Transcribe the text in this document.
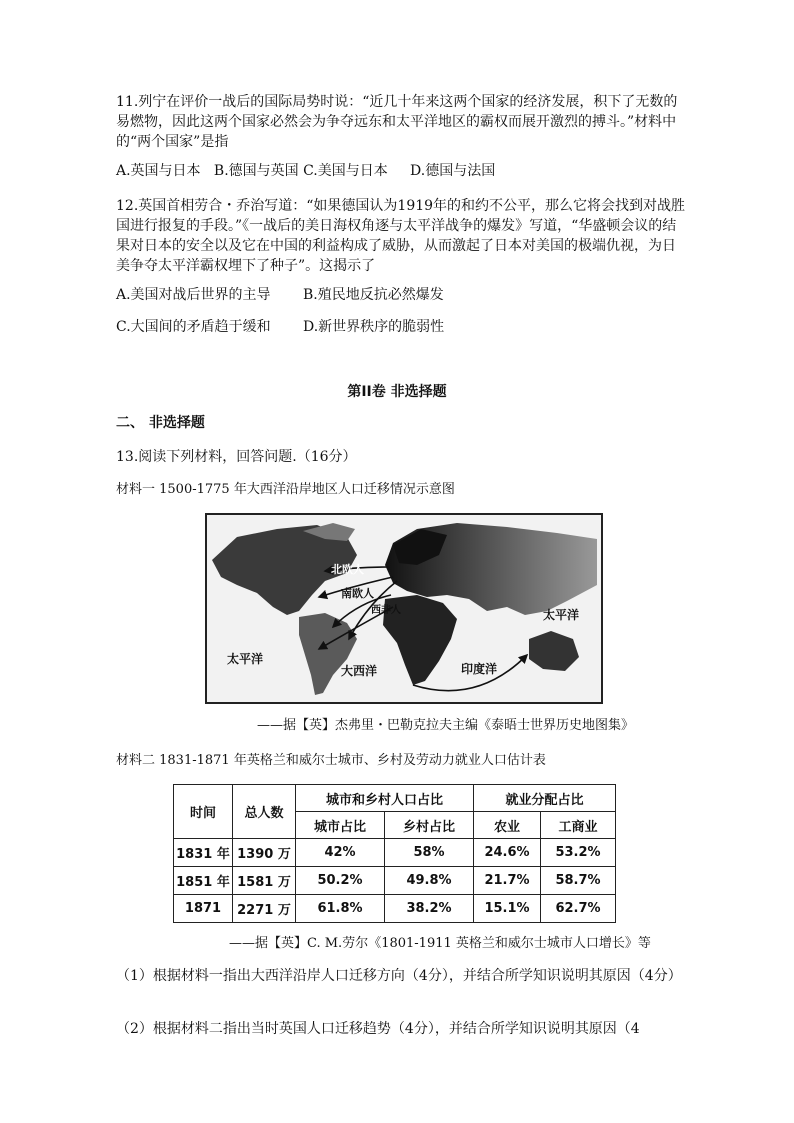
11.列宁在评价一战后的国际局势时说：“近几十年来这两个国家的经济发展，积下了无数的易燃物，因此这两个国家必然会为争夺远东和太平洋地区的霸权而展开激烈的搏斗。”材料中的“两个国家”是指

A.英国与日本   B.德国与英国 C.美国与日本     D.德国与法国

12.英国首相劳合・乔治写道：“如果德国认为1919年的和约不公平，那么它将会找到对战胜国进行报复的手段。”《一战后的美日海权角逐与太平洋战争的爆发》写道，“华盛顿会议的结果对日本的安全以及它在中国的利益构成了威胁，从而激起了日本对美国的极端仇视，为日美争夺太平洋霸权埋下了种子”。这揭示了

A.美国对战后世界的主导 B.殖民地反抗必然爆发
C.大国间的矛盾趋于缓和 D.新世界秩序的脆弱性
第II卷 非选择题
二、 非选择题
13.阅读下列材料，回答问题.（16分）
材料一 1500-1775 年大西洋沿岸地区人口迁移情况示意图
北欧人
南欧人
西非人
太平洋
太平洋
大西洋	印度洋
——据【英】杰弗里・巴勒克拉夫主编《泰晤士世界历史地图集》
材料二 1831-1871 年英格兰和威尔士城市、乡村及劳动力就业人口估计表
时间	总人数	城市和乡村人口占比		就业分配占比	
		城市占比	乡村占比	农业	工商业
1831 年	1390 万	42%	58%	24.6%	53.2%
1851 年	1581 万	50.2%	49.8%	21.7%	58.7%
1871	2271 万	61.8%	38.2%	15.1%	62.7%
——据【英】C. M.劳尔《1801-1911 英格兰和威尔士城市人口增长》等

（1）根据材料一指出大西洋沿岸人口迁移方向（4分），并结合所学知识说明其原因（4分）

（2）根据材料二指出当时英国人口迁移趋势（4分），并结合所学知识说明其原因（4
